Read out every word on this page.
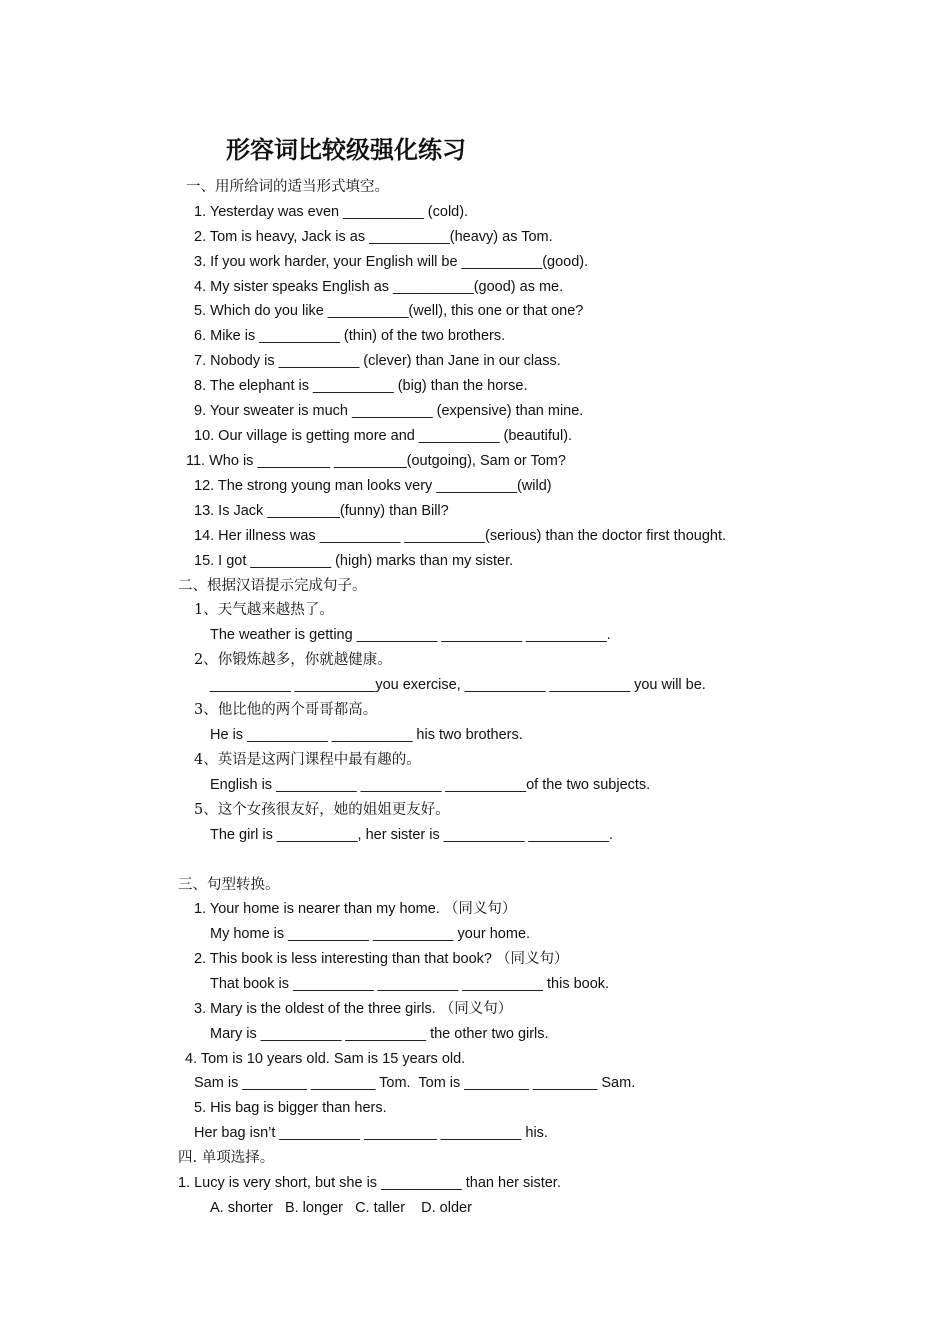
形容词比较级强化练习
一、用所给词的适当形式填空。
1. Yesterday was even __________ (cold).
2. Tom is heavy, Jack is as __________(heavy) as Tom.
3. If you work harder, your English will be __________(good).
4. My sister speaks English as __________(good) as me.
5. Which do you like __________(well), this one or that one?
6. Mike is __________ (thin) of the two brothers.
7. Nobody is __________ (clever) than Jane in our class.
8. The elephant is __________ (big) than the horse.
9. Your sweater is much __________ (expensive) than mine.
10. Our village is getting more and __________ (beautiful).
11. Who is _________ _________(outgoing), Sam or Tom?
12. The strong young man looks very __________(wild)
13. Is Jack _________(funny) than Bill?
14. Her illness was __________ __________(serious) than the doctor first thought.
15. I got __________ (high) marks than my sister.
二、根据汉语提示完成句子。
1、天气越来越热了。
The weather is getting __________ __________ __________.
2、你锻炼越多，你就越健康。
__________ __________you exercise, __________ __________ you will be.
3、他比他的两个哥哥都高。
He is __________ __________ his two brothers.
4、英语是这两门课程中最有趣的。
English is __________ __________ __________of the two subjects.
5、这个女孩很友好，她的姐姐更友好。
The girl is __________, her sister is __________ __________.
三、句型转换。
1. Your home is nearer than my home. （同义句）
My home is __________ __________ your home.
2. This book is less interesting than that book? （同义句）
That book is __________ __________ __________ this book.
3. Mary is the oldest of the three girls. （同义句）
Mary is __________ __________ the other two girls.
4. Tom is 10 years old. Sam is 15 years old.
Sam is ________ ________ Tom.  Tom is ________ ________ Sam.
5. His bag is bigger than hers.
Her bag isn’t __________ _________ __________ his.
四. 单项选择。
1. Lucy is very short, but she is __________ than her sister.
A. shorter   B. longer   C. taller    D. older
